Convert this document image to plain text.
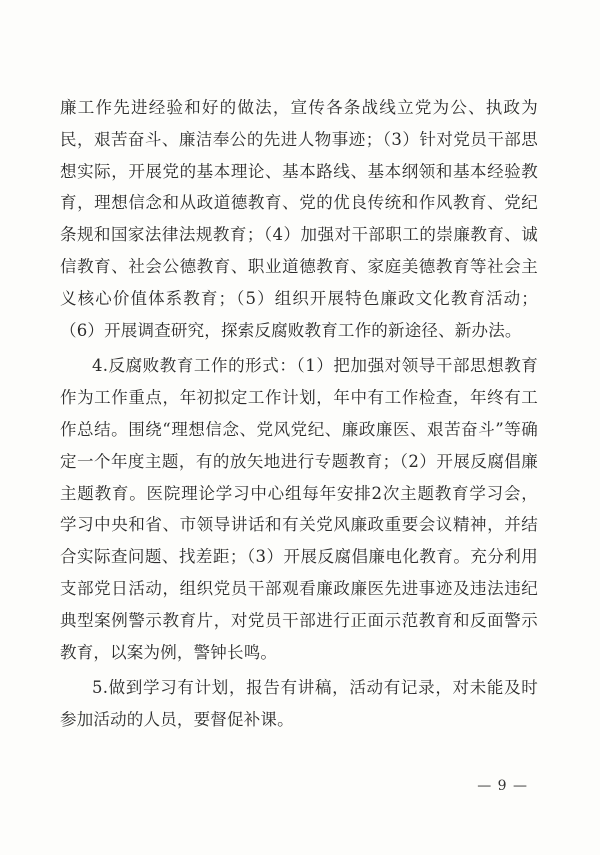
廉工作先进经验和好的做法，宣传各条战线立党为公、执政为民，艰苦奋斗、廉洁奉公的先进人物事迹；（3）针对党员干部思想实际，开展党的基本理论、基本路线、基本纲领和基本经验教育，理想信念和从政道德教育、党的优良传统和作风教育、党纪条规和国家法律法规教育；（4）加强对干部职工的崇廉教育、诚信教育、社会公德教育、职业道德教育、家庭美德教育等社会主义核心价值体系教育；（5）组织开展特色廉政文化教育活动；（6）开展调查研究，探索反腐败教育工作的新途径、新办法。

4.反腐败教育工作的形式：（1）把加强对领导干部思想教育作为工作重点，年初拟定工作计划，年中有工作检查，年终有工作总结。围绕“理想信念、党风党纪、廉政廉医、艰苦奋斗”等确定一个年度主题，有的放矢地进行专题教育；（2）开展反腐倡廉主题教育。医院理论学习中心组每年安排2次主题教育学习会，学习中央和省、市领导讲话和有关党风廉政重要会议精神，并结合实际查问题、找差距；（3）开展反腐倡廉电化教育。充分利用支部党日活动，组织党员干部观看廉政廉医先进事迹及违法违纪典型案例警示教育片，对党员干部进行正面示范教育和反面警示教育，以案为例，警钟长鸣。

5.做到学习有计划，报告有讲稿，活动有记录，对未能及时参加活动的人员，要督促补课。

— 9 —
